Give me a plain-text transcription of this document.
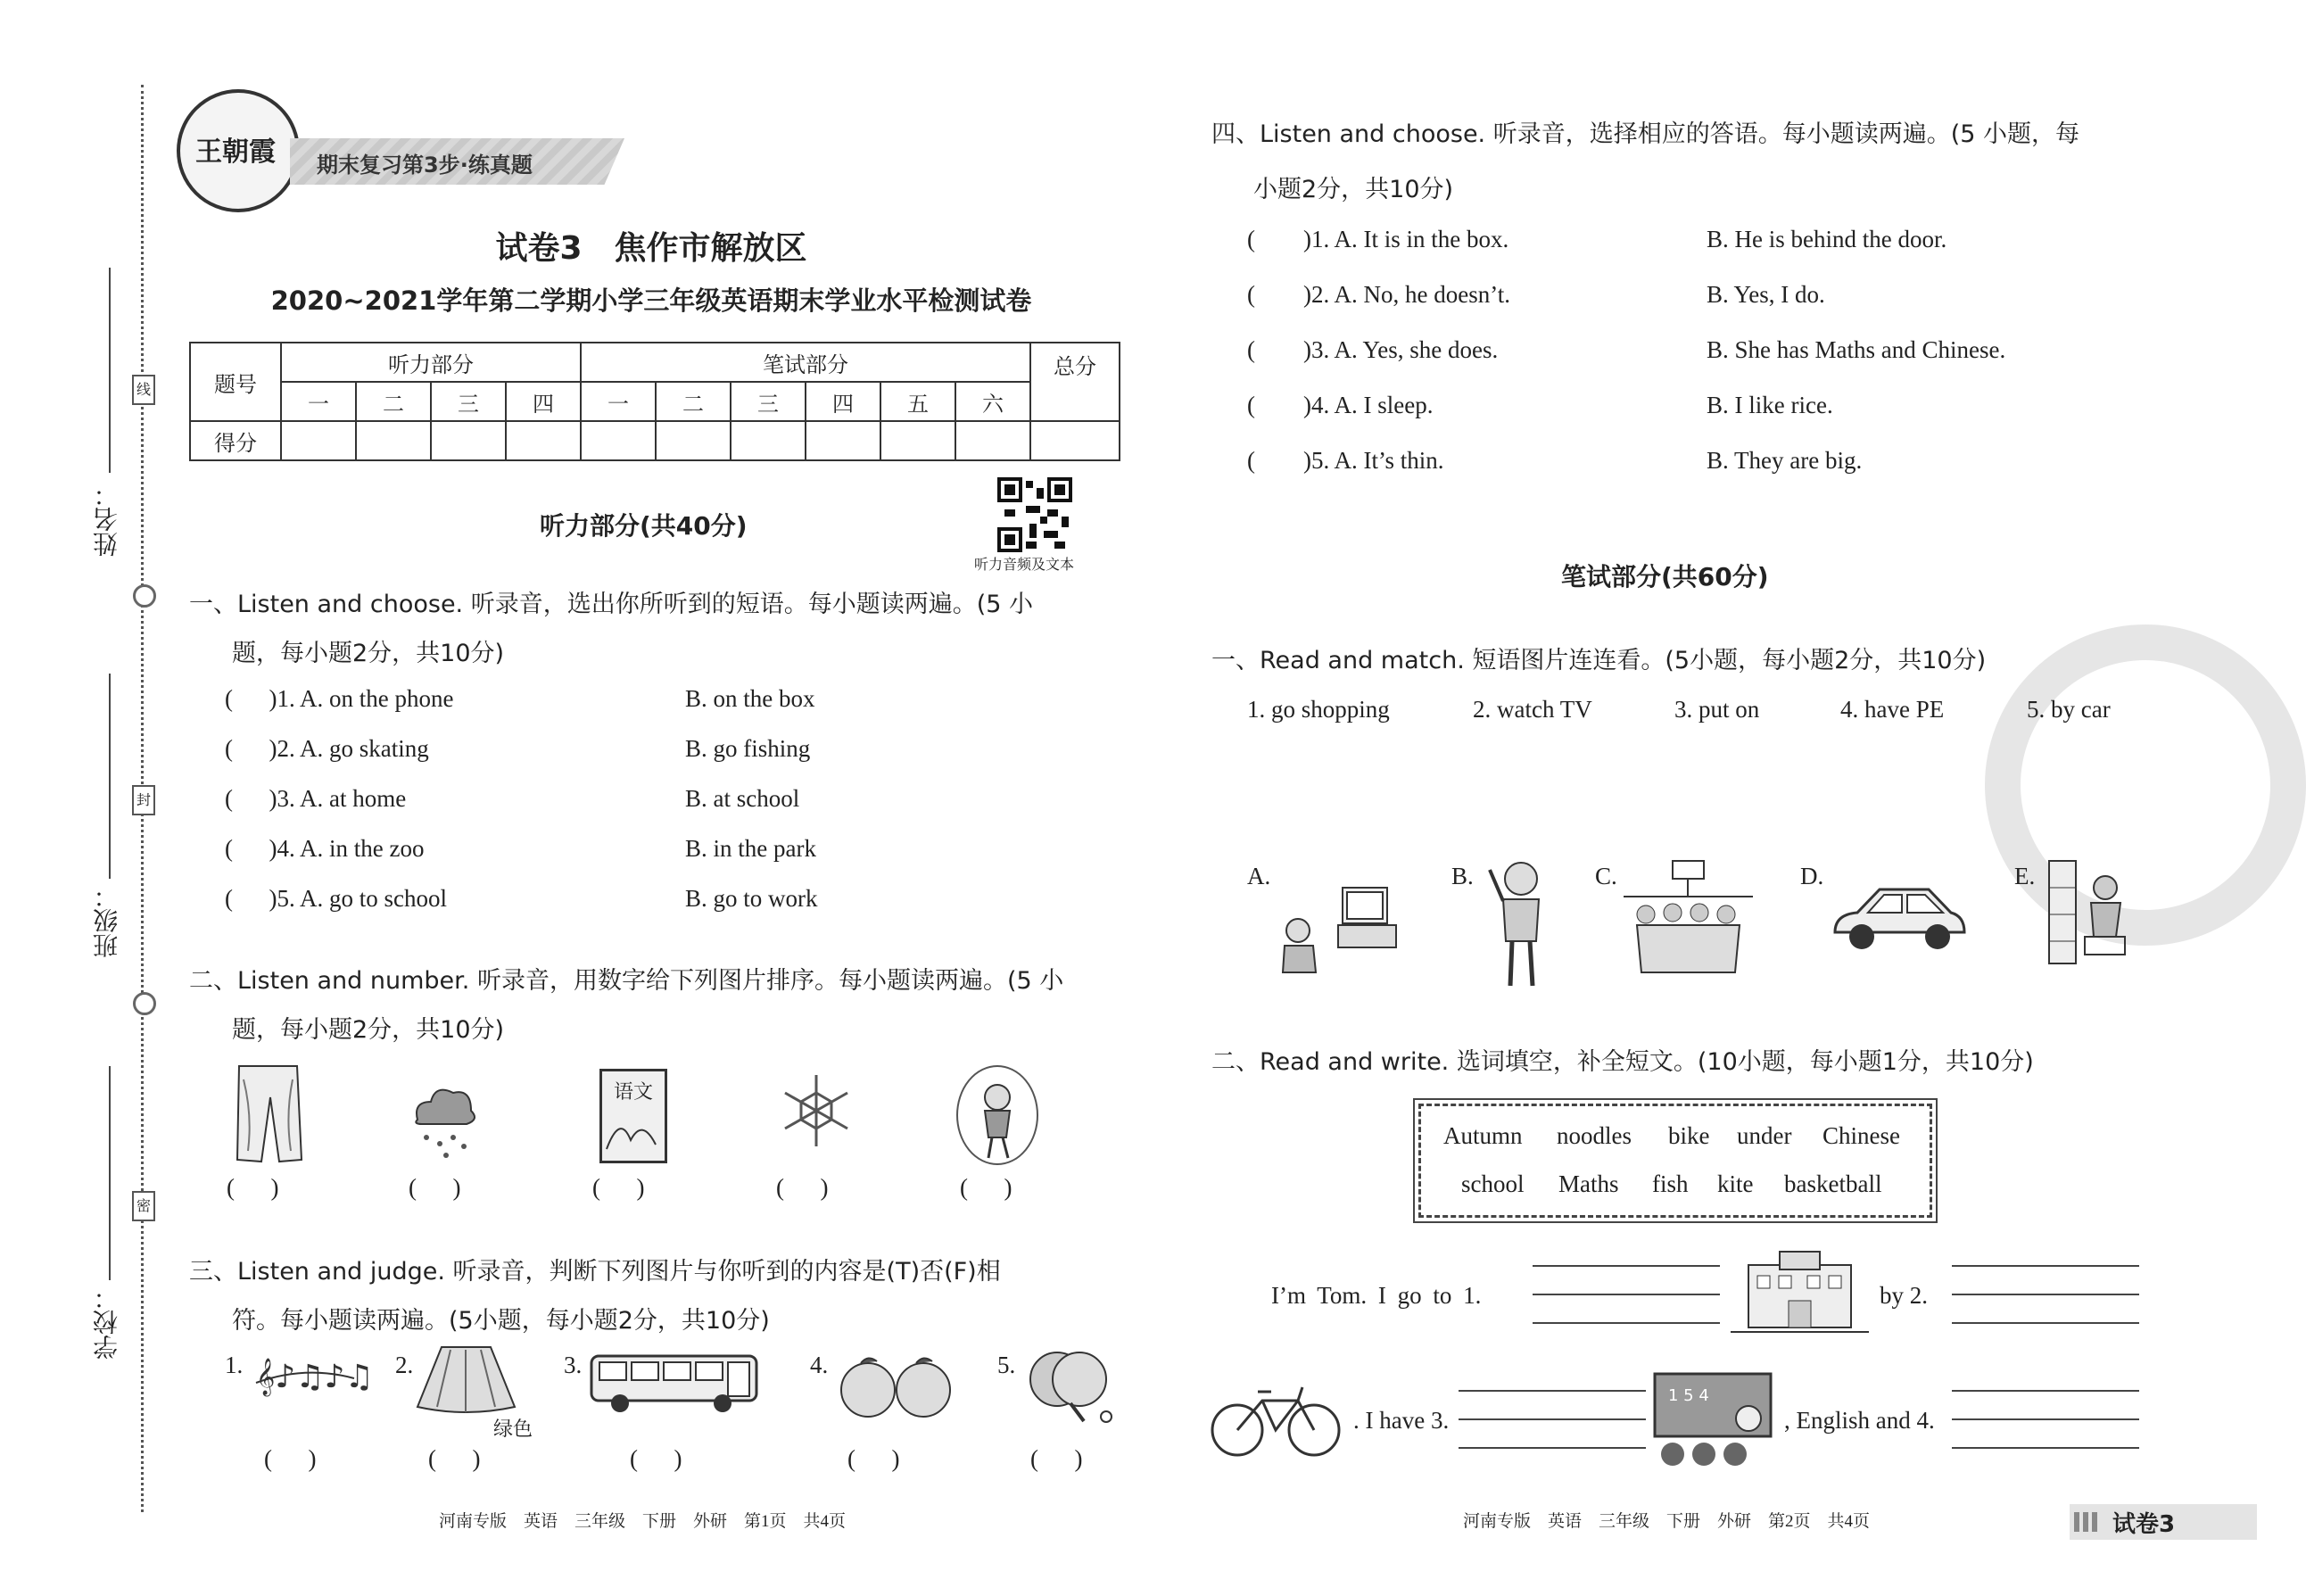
线
封
密
姓名：
班级：
学校：
王朝霞	期末复习第3步·练真题
试卷3　焦作市解放区
2020~2021学年第二学期小学三年级英语期末学业水平检测试卷
题号	听力部分				笔试部分						总分
	一	二	三	四	一	二	三	四	五	六	
得分											
听力音频及文本
听力部分(共40分)
一、Listen and choose. 听录音，选出你所听到的短语。每小题读两遍。(5 小
题，每小题2分，共10分)
(      )1. A. on the phone	B. on the box
(      )2. A. go skating	B. go fishing
(      )3. A. at home	B. at school
(      )4. A. in the zoo	B. in the park
(      )5. A. go to school	B. go to work
二、Listen and number. 听录音，用数字给下列图片排序。每小题读两遍。(5 小
题，每小题2分，共10分)
语文
(      )	(      )	(      )	(      )	(      )
三、Listen and judge. 听录音，判断下列图片与你听到的内容是(T)否(F)相
符。每小题读两遍。(5小题，每小题2分，共10分)
1. 𝄞♪♫♪♫ 2.
绿色
3.	4.	5.
(      )	(      )	(      )	(      )	(      )
河南专版　英语　三年级　下册　外研　第1页　共4页
四、Listen and choose. 听录音，选择相应的答语。每小题读两遍。(5 小题，每
小题2分，共10分)
(        )1. A. It is in the box.	B. He is behind the door.
(        )2. A. No, he doesn’t.	B. Yes, I do.
(        )3. A. Yes, she does.	B. She has Maths and Chinese.
(        )4. A. I sleep.	B. I like rice.
(        )5. A. It’s thin.	B. They are big.
笔试部分(共60分)
一、Read and match. 短语图片连连看。(5小题，每小题2分，共10分)
1. go shopping	2. watch TV	3. put on	4. have PE	5. by car
A.	B.	C.	D.	E.
二、Read and write. 选词填空，补全短文。(10小题，每小题1分，共10分)
Autumn noodles bike under Chinese
school Maths fish kite basketball
I’m Tom. I go to 1.	by 2.
. I have 3.
1 5 4
, English and 4.
河南专版　英语　三年级　下册　外研　第2页　共4页	试卷3
